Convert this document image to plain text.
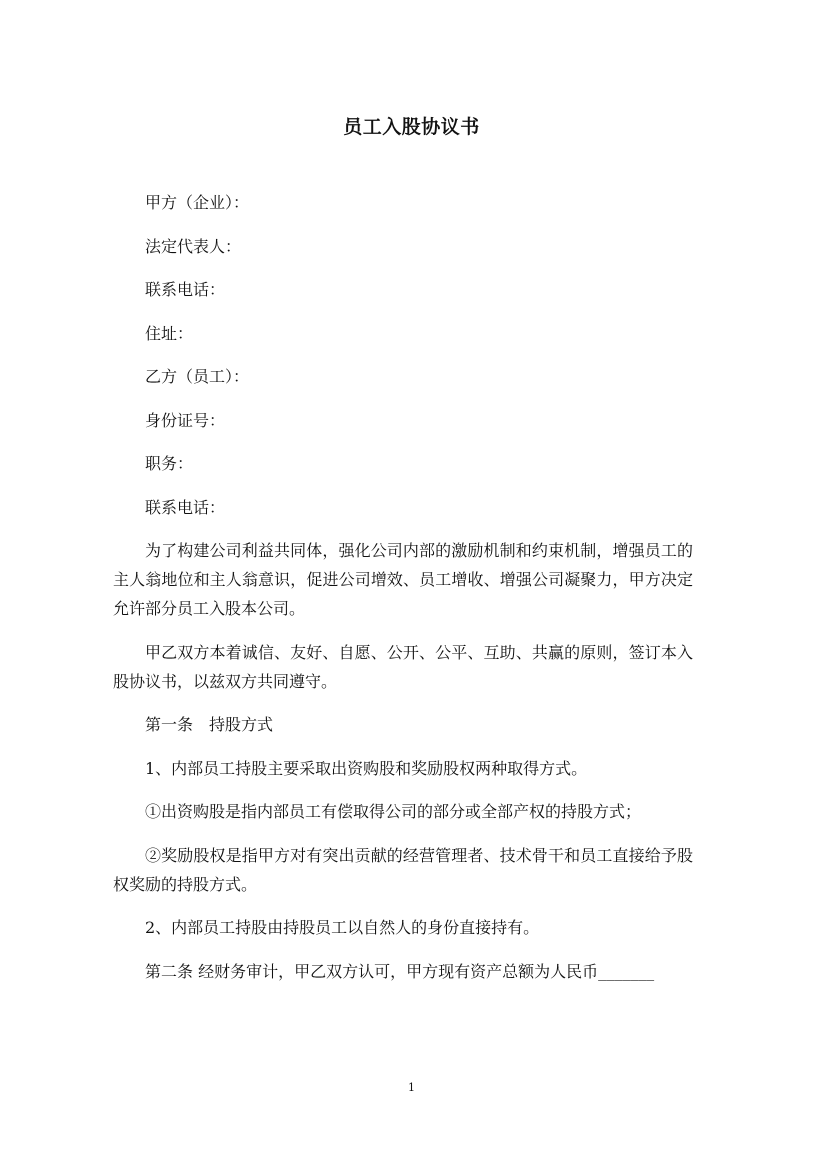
员工入股协议书

甲方（企业）：

法定代表人：

联系电话：

住址：

乙方（员工）：

身份证号：

职务：

联系电话：

为了构建公司利益共同体，强化公司内部的激励机制和约束机制，增强员工的主人翁地位和主人翁意识，促进公司增效、员工增收、增强公司凝聚力，甲方决定允许部分员工入股本公司。

甲乙双方本着诚信、友好、自愿、公开、公平、互助、共赢的原则，签订本入股协议书，以兹双方共同遵守。

第一条　持股方式

1、内部员工持股主要采取出资购股和奖励股权两种取得方式。

①出资购股是指内部员工有偿取得公司的部分或全部产权的持股方式；

②奖励股权是指甲方对有突出贡献的经营管理者、技术骨干和员工直接给予股权奖励的持股方式。

2、内部员工持股由持股员工以自然人的身份直接持有。

第二条 经财务审计，甲乙双方认可，甲方现有资产总额为人民币_______

1
